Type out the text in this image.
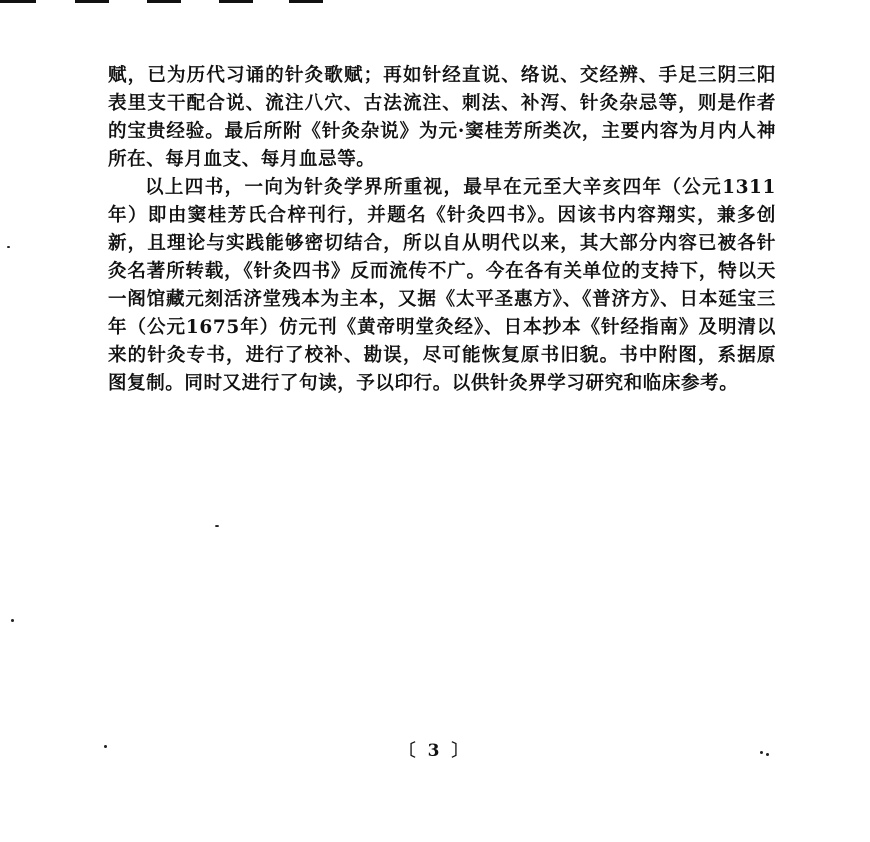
赋，已为历代习诵的针灸歌赋；再如针经直说、络说、交经辨、手足三阴三阳表里支干配合说、流注八穴、古法流注、刺法、补泻、针灸杂忌等，则是作者的宝贵经验。最后所附《针灸杂说》为元·窦桂芳所类次，主要内容为月内人神所在、每月血支、每月血忌等。

以上四书，一向为针灸学界所重视，最早在元至大辛亥四年（公元1311年）即由窦桂芳氏合梓刊行，并题名《针灸四书》。因该书内容翔实，兼多创新，且理论与实践能够密切结合，所以自从明代以来，其大部分内容已被各针灸名著所转载，《针灸四书》反而流传不广。今在各有关单位的支持下，特以天一阁馆藏元刻活济堂残本为主本，又据《太平圣惠方》、《普济方》、日本延宝三年（公元1675年）仿元刊《黄帝明堂灸经》、日本抄本《针经指南》及明清以来的针灸专书，进行了校补、勘误，尽可能恢复原书旧貌。书中附图，系据原图复制。同时又进行了句读，予以印行。以供针灸界学习研究和临床参考。

〔 3 〕
